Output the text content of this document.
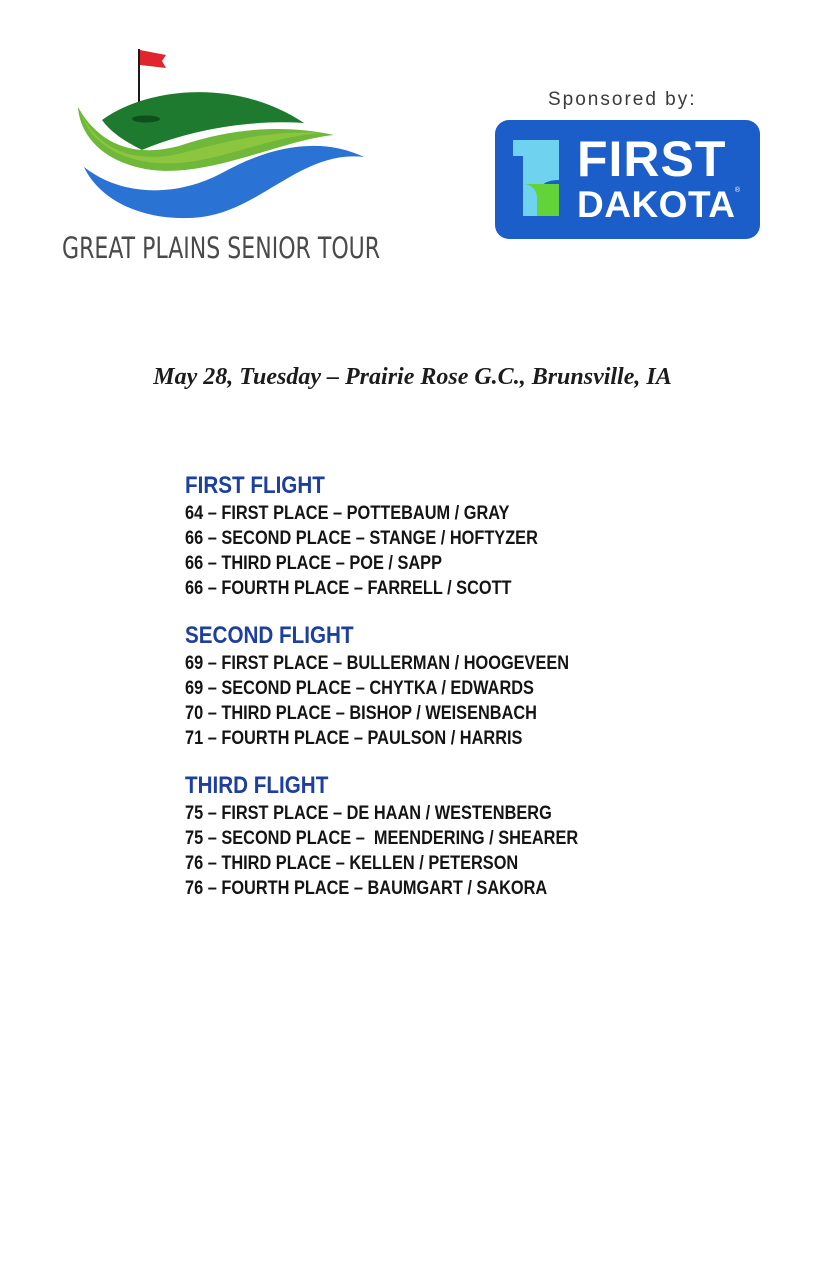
GREAT PLAINS SENIOR TOUR
Sponsored by:
FIRST
DAKOTA ®
May 28, Tuesday – Prairie Rose G.C., Brunsville, IA
FIRST FLIGHT
64 – FIRST PLACE – POTTEBAUM / GRAY
66 – SECOND PLACE – STANGE / HOFTYZER
66 – THIRD PLACE – POE / SAPP
66 – FOURTH PLACE – FARRELL / SCOTT
SECOND FLIGHT
69 – FIRST PLACE – BULLERMAN / HOOGEVEEN
69 – SECOND PLACE – CHYTKA / EDWARDS
70 – THIRD PLACE – BISHOP / WEISENBACH
71 – FOURTH PLACE – PAULSON / HARRIS
THIRD FLIGHT
75 – FIRST PLACE – DE HAAN / WESTENBERG
75 – SECOND PLACE –  MEENDERING / SHEARER
76 – THIRD PLACE – KELLEN / PETERSON
76 – FOURTH PLACE – BAUMGART / SAKORA
